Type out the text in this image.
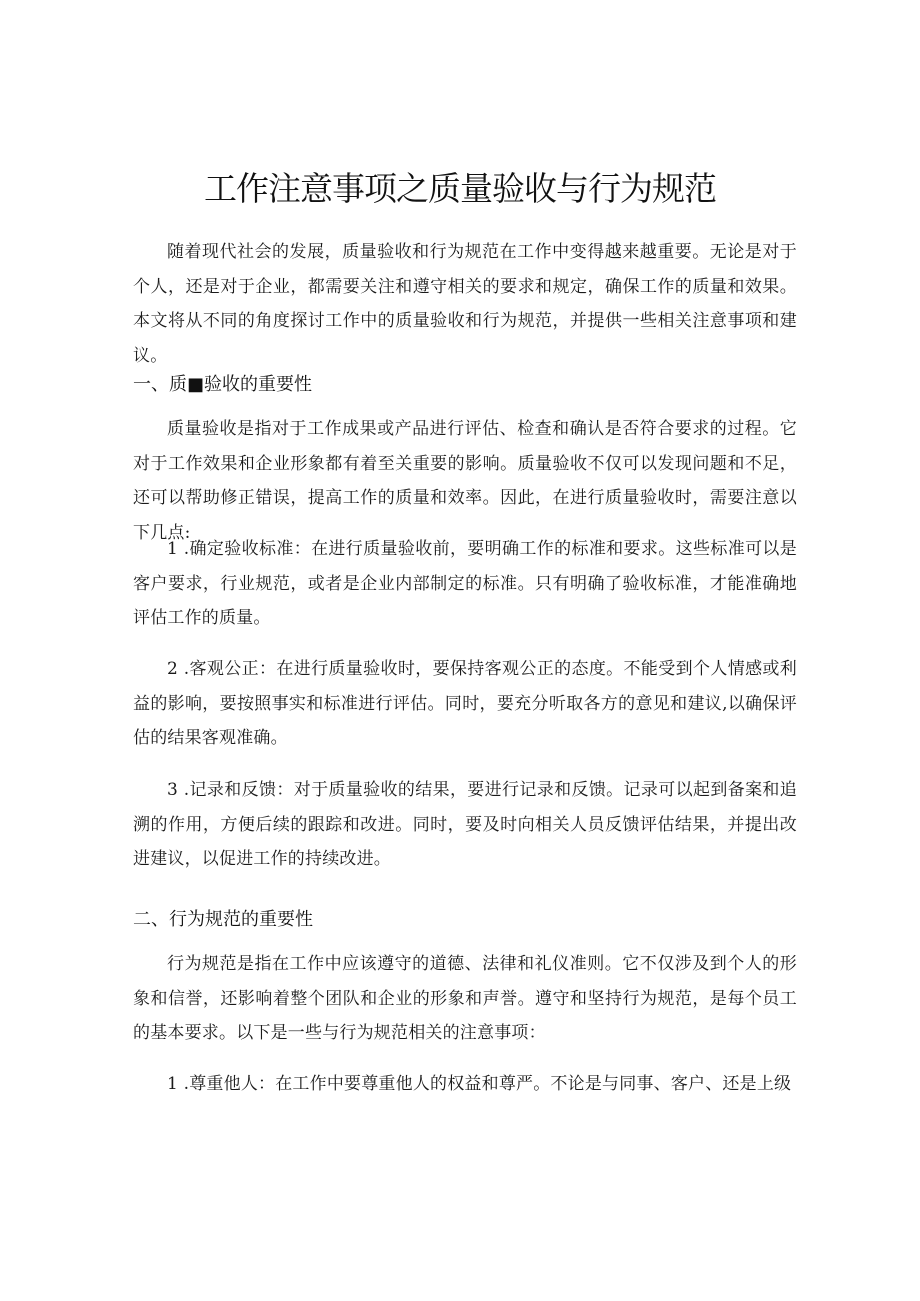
工作注意事项之质量验收与行为规范
随着现代社会的发展，质量验收和行为规范在工作中变得越来越重要。无论是对于个人，还是对于企业，都需要关注和遵守相关的要求和规定，确保工作的质量和效果。本文将从不同的角度探讨工作中的质量验收和行为规范，并提供一些相关注意事项和建议。
一、质■验收的重要性
质量验收是指对于工作成果或产品进行评估、检查和确认是否符合要求的过程。它对于工作效果和企业形象都有着至关重要的影响。质量验收不仅可以发现问题和不足，还可以帮助修正错误，提高工作的质量和效率。因此，在进行质量验收时，需要注意以下几点:
1 .确定验收标准：在进行质量验收前，要明确工作的标准和要求。这些标准可以是客户要求，行业规范，或者是企业内部制定的标准。只有明确了验收标准，才能准确地评估工作的质量。
2 .客观公正：在进行质量验收时，要保持客观公正的态度。不能受到个人情感或利益的影响，要按照事实和标准进行评估。同时，要充分听取各方的意见和建议,以确保评估的结果客观准确。
3 .记录和反馈：对于质量验收的结果，要进行记录和反馈。记录可以起到备案和追溯的作用，方便后续的跟踪和改进。同时，要及时向相关人员反馈评估结果，并提出改进建议，以促进工作的持续改进。
二、行为规范的重要性
行为规范是指在工作中应该遵守的道德、法律和礼仪准则。它不仅涉及到个人的形象和信誉，还影响着整个团队和企业的形象和声誉。遵守和坚持行为规范，是每个员工的基本要求。以下是一些与行为规范相关的注意事项：
1 .尊重他人：在工作中要尊重他人的权益和尊严。不论是与同事、客户、还是上级
